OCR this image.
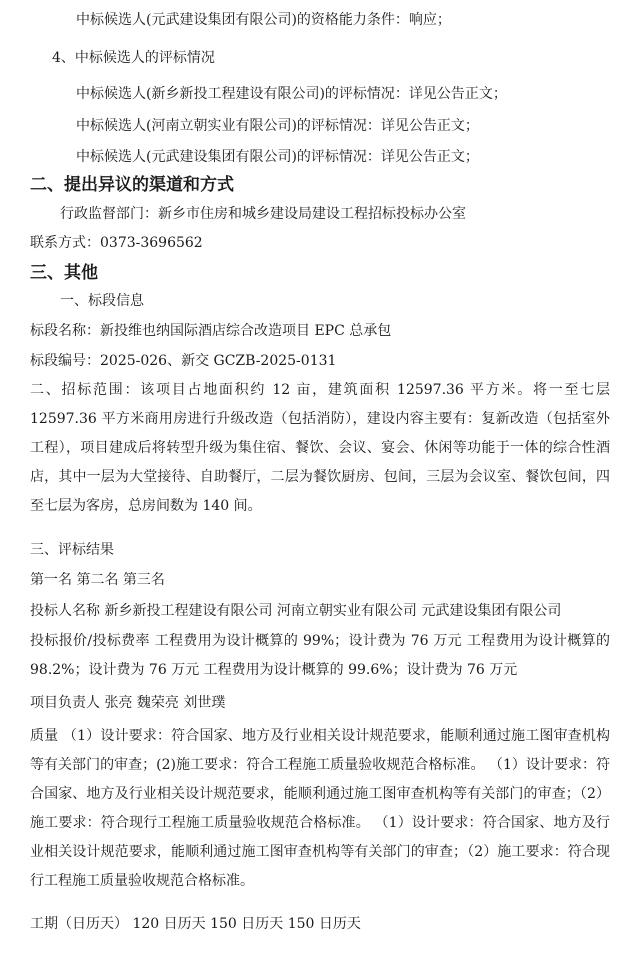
中标候选人(元武建设集团有限公司)的资格能力条件：响应；
4、中标候选人的评标情况
中标候选人(新乡新投工程建设有限公司)的评标情况：详见公告正文；
中标候选人(河南立朝实业有限公司)的评标情况：详见公告正文；
中标候选人(元武建设集团有限公司)的评标情况：详见公告正文；
二、提出异议的渠道和方式
行政监督部门：新乡市住房和城乡建设局建设工程招标投标办公室
联系方式：0373-3696562
三、其他
一、标段信息
标段名称：新投维也纳国际酒店综合改造项目 EPC 总承包
标段编号：2025-026、新交 GCZB-2025-0131
二、招标范围：该项目占地面积约 12 亩，建筑面积 12597.36 平方米。将一至七层 12597.36 平方米商用房进行升级改造（包括消防），建设内容主要有：复新改造（包括室外工程），项目建成后将转型升级为集住宿、餐饮、会议、宴会、休闲等功能于一体的综合性酒店，其中一层为大堂接待、自助餐厅，二层为餐饮厨房、包间，三层为会议室、餐饮包间，四至七层为客房，总房间数为 140 间。
三、评标结果
第一名 第二名 第三名
投标人名称 新乡新投工程建设有限公司 河南立朝实业有限公司 元武建设集团有限公司
投标报价/投标费率 工程费用为设计概算的 99%；设计费为 76 万元 工程费用为设计概算的 98.2%；设计费为 76 万元 工程费用为设计概算的 99.6%；设计费为 76 万元
项目负责人 张亮 魏荣亮 刘世璞
质量 （1）设计要求：符合国家、地方及行业相关设计规范要求，能顺利通过施工图审查机构等有关部门的审查；(2)施工要求：符合工程施工质量验收规范合格标准。 （1）设计要求：符合国家、地方及行业相关设计规范要求，能顺利通过施工图审查机构等有关部门的审查；（2）施工要求：符合现行工程施工质量验收规范合格标准。 （1）设计要求：符合国家、地方及行业相关设计规范要求，能顺利通过施工图审查机构等有关部门的审查；（2）施工要求：符合现行工程施工质量验收规范合格标准。
工期（日历天） 120 日历天 150 日历天 150 日历天
